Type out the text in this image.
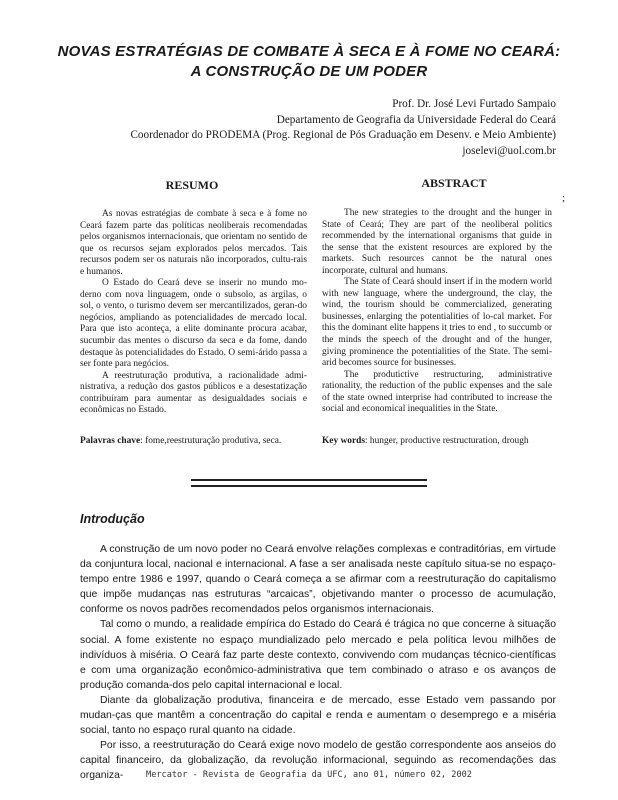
NOVAS ESTRATÉGIAS DE COMBATE À SECA E À FOME NO CEARÁ:
A CONSTRUÇÃO DE UM PODER
Prof. Dr. José Levi Furtado Sampaio
Departamento de Geografia da Universidade Federal do Ceará
Coordenador do PRODEMA (Prog. Regional de Pós Graduação em Desenv. e Meio Ambiente)
joselevi@uol.com.br
RESUMO	ABSTRACT
;

As novas estratégias de combate à seca e à fome no Ceará fazem parte das políticas neoliberais recomendadas pelos organismos internacionais, que orientam no sentido de que os recursos sejam explorados pelos mercados. Tais recursos podem ser os naturais não incorporados, cultu-rais e humanos.

O Estado do Ceará deve se inserir no mundo mo-derno com nova linguagem, onde o subsolo, as argilas, o sol, o vento, o turismo devem ser mercantilizados, geran-do negócios, ampliando as potencialidades de mercado local. Para que isto aconteça, a elite dominante procura acabar, sucumbir das mentes o discurso da seca e da fome, dando destaque às potencialidades do Estado. O semi-árido passa a ser fonte para negócios.

A reestruturação produtiva, a racionalidade admi-nistrativa, a redução dos gastos públicos e a desestatização contribuíram para aumentar as desigualdades sociais e econômicas no Estado.

The new strategies to the drought and the hunger in State of Ceará; They are part of the neoliberal politics recommended by the international organisms that guide in the sense that the existent resources are explored by the markets. Such resources cannot be the natural ones incorporate, cultural and humans.

The State of Ceará should insert if in the modern world with new language, where the underground, the clay, the wind, the tourism should be commercialized, generating businesses, enlarging the potentialities of lo-cal market. For this the dominant elite happens it tries to end , to succumb or the minds the speech of the drought and of the hunger, giving prominence the potentialities of the State. The semi-arid becomes source for businesses.

The produtictive restructuring, administrative rationality, the reduction of the public expenses and the sale of the state owned interprise had contributed to increase the social and economical inequalities in the State.

Palavras chave: fome,reestruturação produtiva, seca.	Key words: hunger, productive restructuration, drough
Introdução

A construção de um novo poder no Ceará envolve relações complexas e contraditórias, em virtude da conjuntura local, nacional e internacional. A fase a ser analisada neste capítulo situa-se no espaço-tempo entre 1986 e 1997, quando o Ceará começa a se afirmar com a reestruturação do capitalismo que impõe mudanças nas estruturas “arcaicas”, objetivando manter o processo de acumulação, conforme os novos padrões recomendados pelos organismos internacionais.

Tal como o mundo, a realidade empírica do Estado do Ceará é trágica no que concerne à situação social. A fome existente no espaço mundializado pelo mercado e pela política levou milhões de indivíduos à miséria. O Ceará faz parte deste contexto, convivendo com mudanças técnico-científicas e com uma organização econômico-administrativa que tem combinado o atraso e os avanços de produção comanda-dos pelo capital internacional e local.

Diante da globalização produtiva, financeira e de mercado, esse Estado vem passando por mudan-ças que mantêm a concentração do capital e renda e aumentam o desemprego e a miséria social, tanto no espaço rural quanto na cidade.

Por isso, a reestruturação do Ceará exige novo modelo de gestão correspondente aos anseios do capital financeiro, da globalização, da revolução informacional, seguindo as recomendações das organiza-	Mercator - Revista de Geografia da UFC, ano 01, número 02, 2002
